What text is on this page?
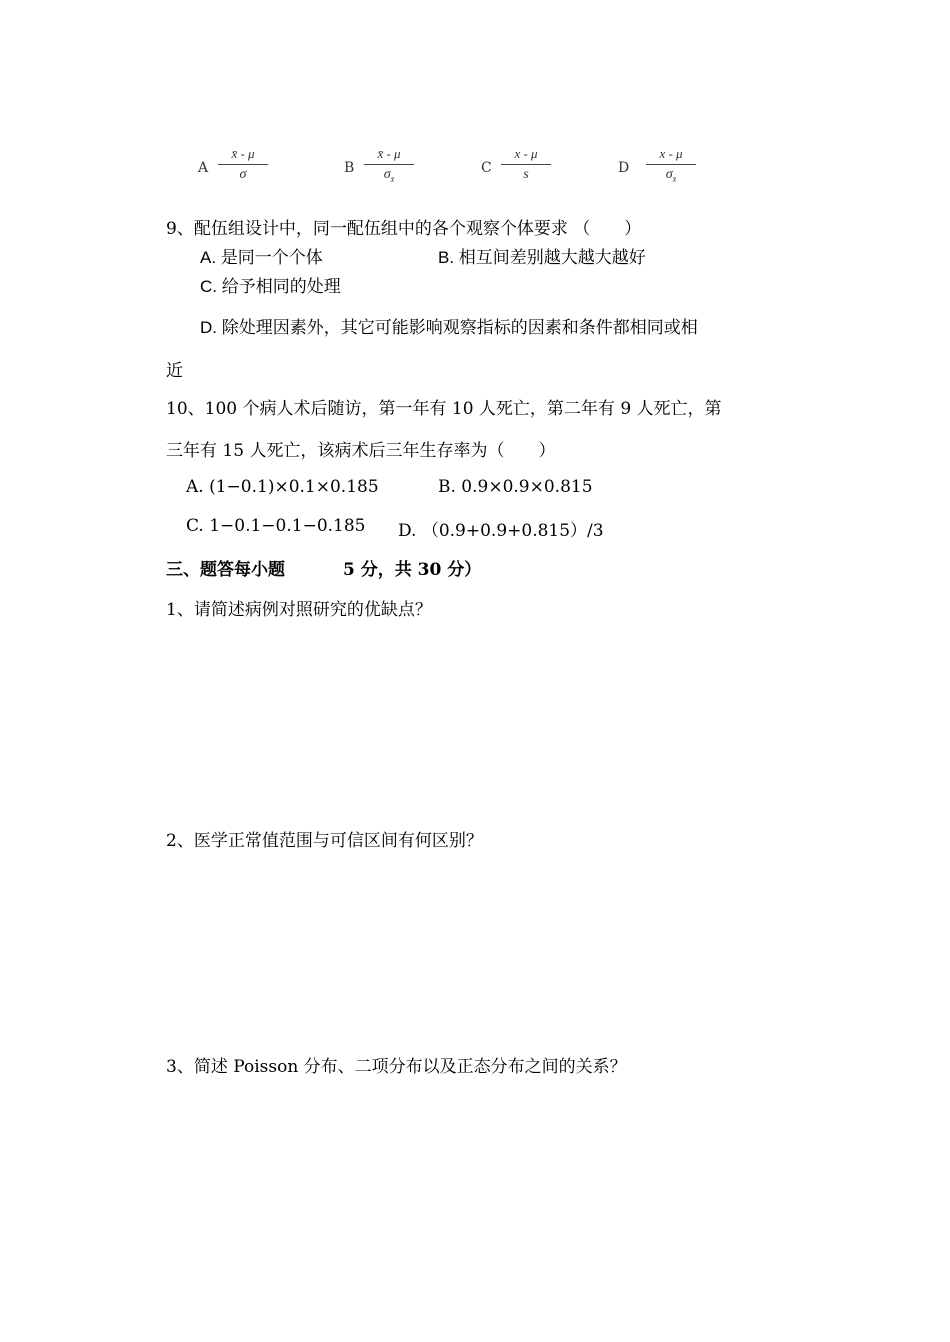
A
x̄ - μ
σ	B
x̄ - μ
$\sigma_{x̄}$
C
x - μ
s	D
x - μ
$\sigma_{x̄}$
9、配伍组设计中，同一配伍组中的各个观察个体要求 （　　）
A. 是同一个个体	B. 相互间差别越大越大越好
C. 给予相同的处理
D. 除处理因素外，其它可能影响观察指标的因素和条件都相同或相
近
10、100 个病人术后随访，第一年有 10 人死亡，第二年有 9 人死亡，第
三年有 15 人死亡，该病术后三年生存率为（　　）
A. (1−0.1)×0.1×0.185	B. 0.9×0.9×0.815
C. 1−0.1−0.1−0.185 D. （0.9+0.9+0.815）/3
三、题答每小题	5 分，共 30 分）
1、请简述病例对照研究的优缺点？
2、医学正常值范围与可信区间有何区别？
3、简述 Poisson 分布、二项分布以及正态分布之间的关系？
